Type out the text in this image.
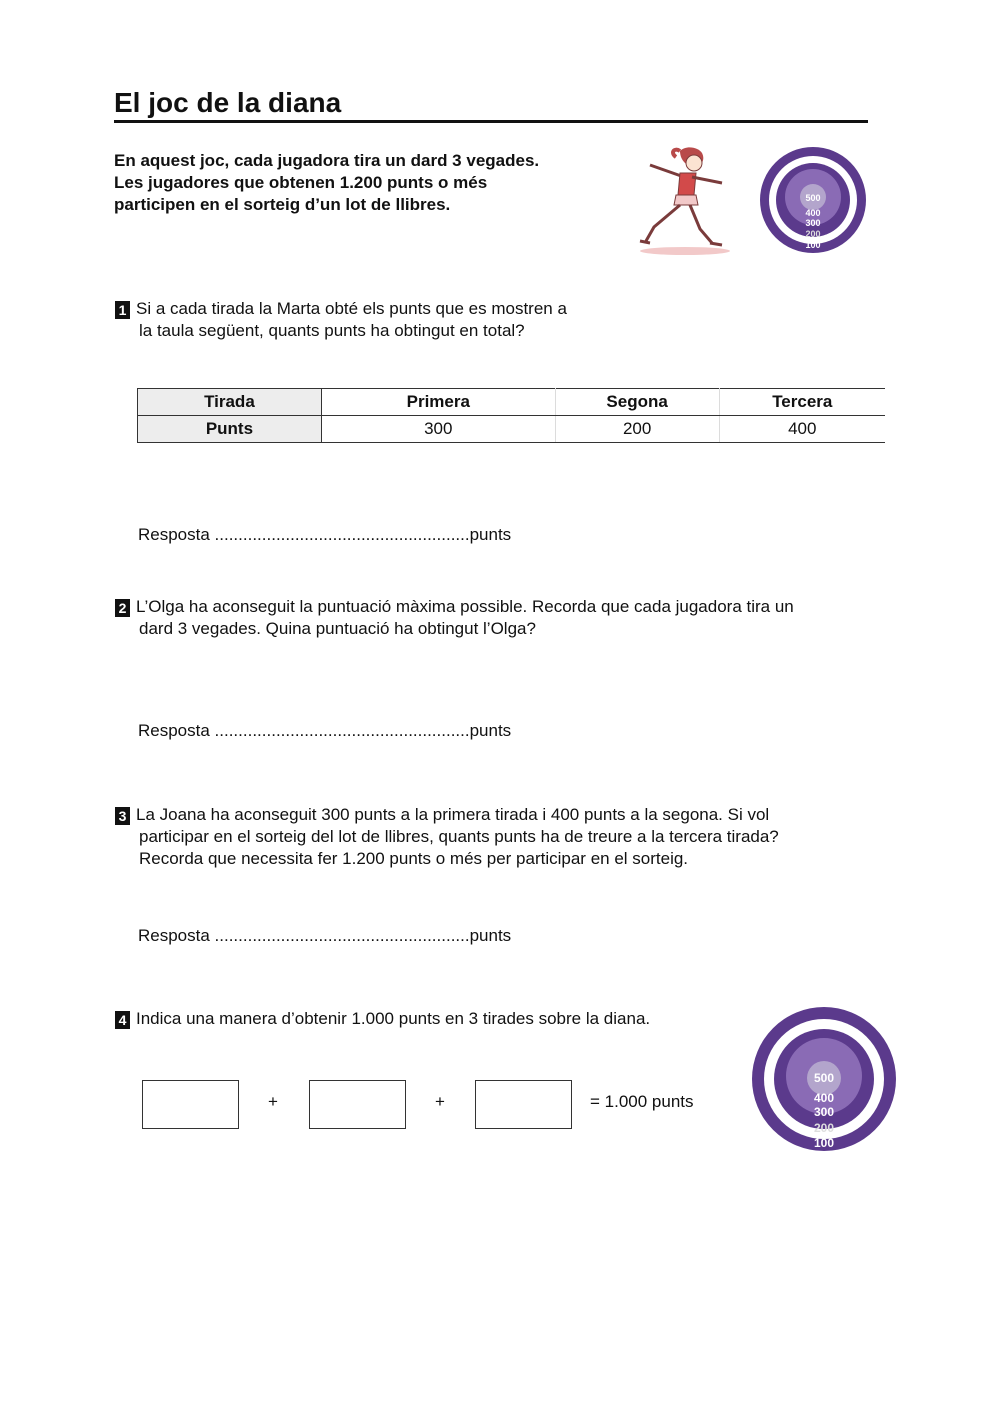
El joc de la diana
En aquest joc, cada jugadora tira un dard 3 vegades.
Les jugadores que obtenen 1.200 punts o més
participen en el sorteig d’un lot de llibres.	500
400
300
200
100
1 Si a cada tirada la Marta obté els punts que es mostren a
la taula següent, quants punts ha obtingut en total?
Tirada	Primera	Segona	Tercera
Punts	300	200	400
Resposta ......................................................punts
2 L’Olga ha aconseguit la puntuació màxima possible. Recorda que cada jugadora tira un
dard 3 vegades. Quina puntuació ha obtingut l’Olga?
Resposta ......................................................punts
3 La Joana ha aconseguit 300 punts a la primera tirada i 400 punts a la segona. Si vol
participar en el sorteig del lot de llibres, quants punts ha de treure a la tercera tirada?
Recorda que necessita fer 1.200 punts o més per participar en el sorteig.
Resposta ......................................................punts
4 Indica una manera d’obtenir 1.000 punts en 3 tirades sobre la diana.
+	+	= 1.000 punts
500
400
300
200
100
